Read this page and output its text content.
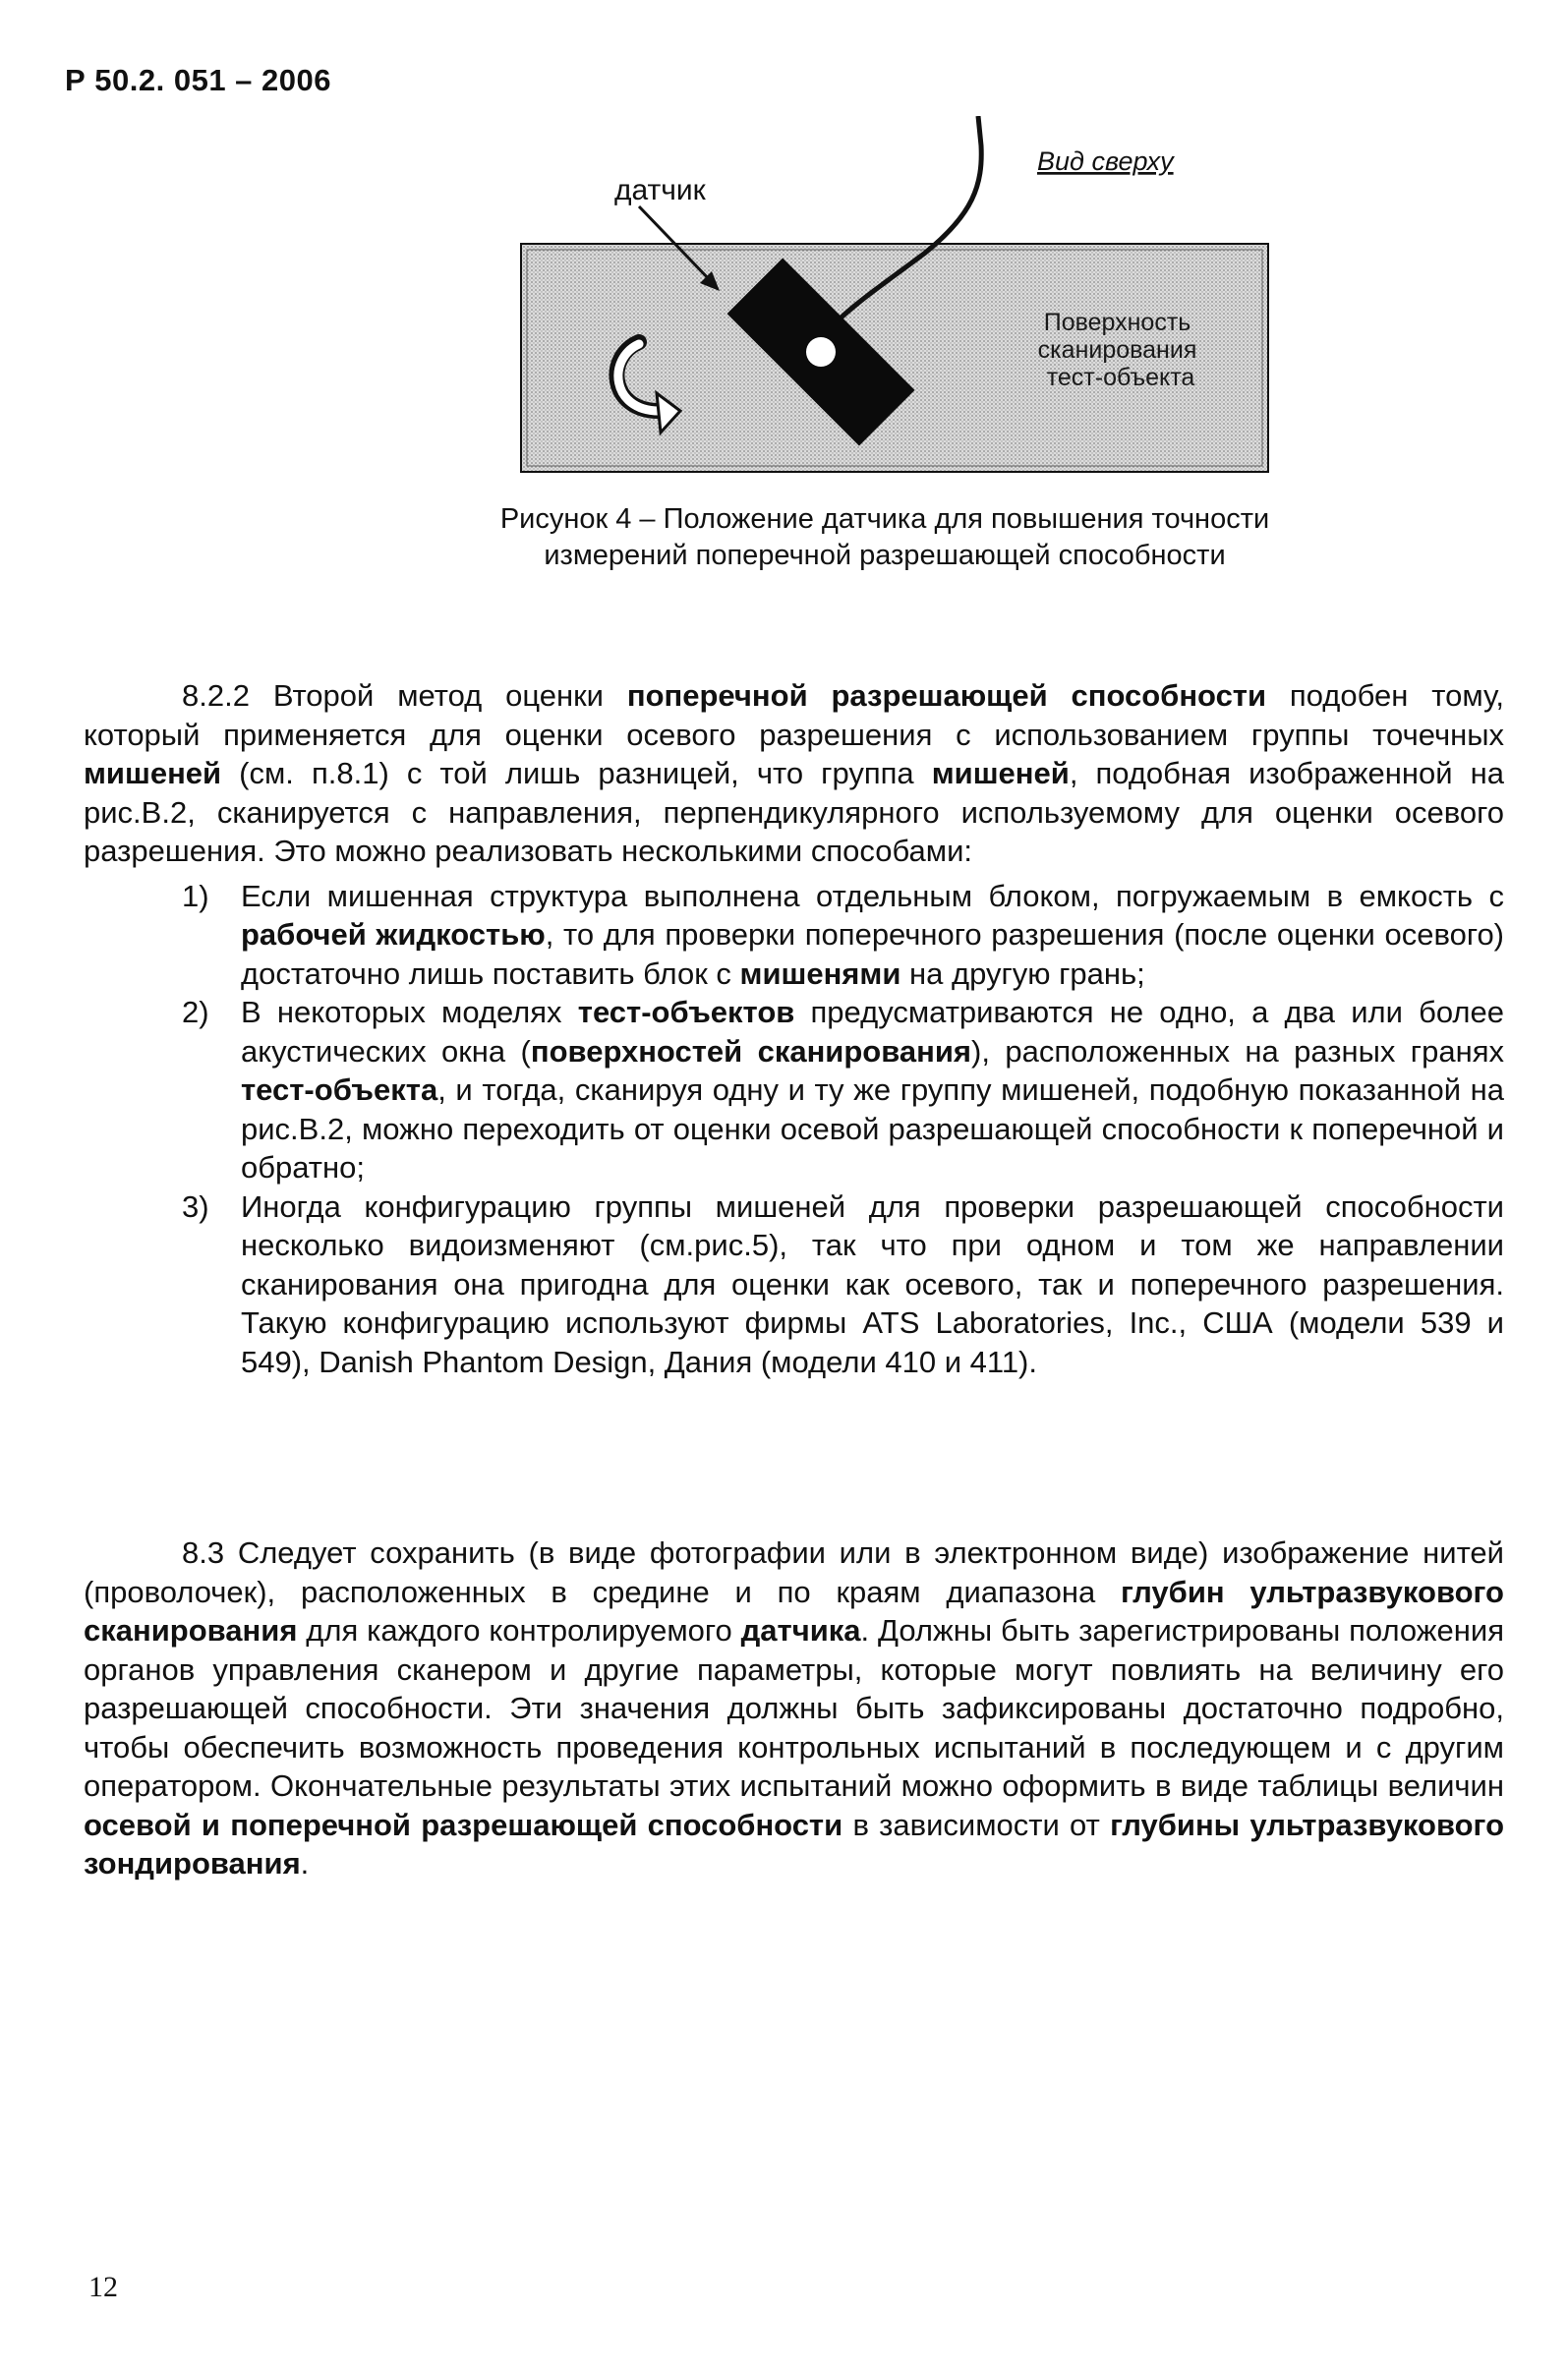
Р 50.2. 051 – 2006
датчик
Вид сверху
Поверхность сканирования тест-объекта
Рисунок 4 – Положение датчика для повышения точности измерений поперечной разрешающей способности
8.2.2 Второй метод оценки поперечной разрешающей способности подобен тому, который применяется для оценки осевого разрешения с использованием группы точечных мишеней (см. п.8.1) с той лишь разницей, что группа мишеней, подобная изображенной на рис.В.2, сканируется с направления, перпендикулярного используемому для оценки осевого разрешения. Это можно реализовать несколькими способами:
1) Если мишенная структура выполнена отдельным блоком, погружаемым в емкость с рабочей жидкостью, то для проверки поперечного разрешения (после оценки осевого) достаточно лишь поставить блок с мишенями на другую грань;
2) В некоторых моделях тест-объектов предусматриваются не одно, а два или более акустических окна (поверхностей сканирования), расположенных на разных гранях тест-объекта, и тогда, сканируя одну и ту же группу мишеней, подобную показанной на рис.В.2, можно переходить от оценки осевой разрешающей способности к поперечной и обратно;
3) Иногда конфигурацию группы мишеней для проверки разрешающей способности несколько видоизменяют (см.рис.5), так что при одном и том же направлении сканирования она пригодна для оценки как осевого, так и поперечного разрешения. Такую конфигурацию используют фирмы ATS Laboratories, Inc., США (модели 539 и 549), Danish Phantom Design, Дания (модели 410 и 411).
8.3 Следует сохранить (в виде фотографии или в электронном виде) изображение нитей (проволочек), расположенных в средине и по краям диапазона глубин ультразвукового сканирования для каждого контролируемого датчика. Должны быть зарегистрированы положения органов управления сканером и другие параметры, которые могут повлиять на величину его разрешающей способности. Эти значения должны быть зафиксированы достаточно подробно, чтобы обеспечить возможность проведения контрольных испытаний в последующем и с другим оператором. Окончательные результаты этих испытаний можно оформить в виде таблицы величин осевой и поперечной разрешающей способности в зависимости от глубины ультразвукового зондирования.
12
